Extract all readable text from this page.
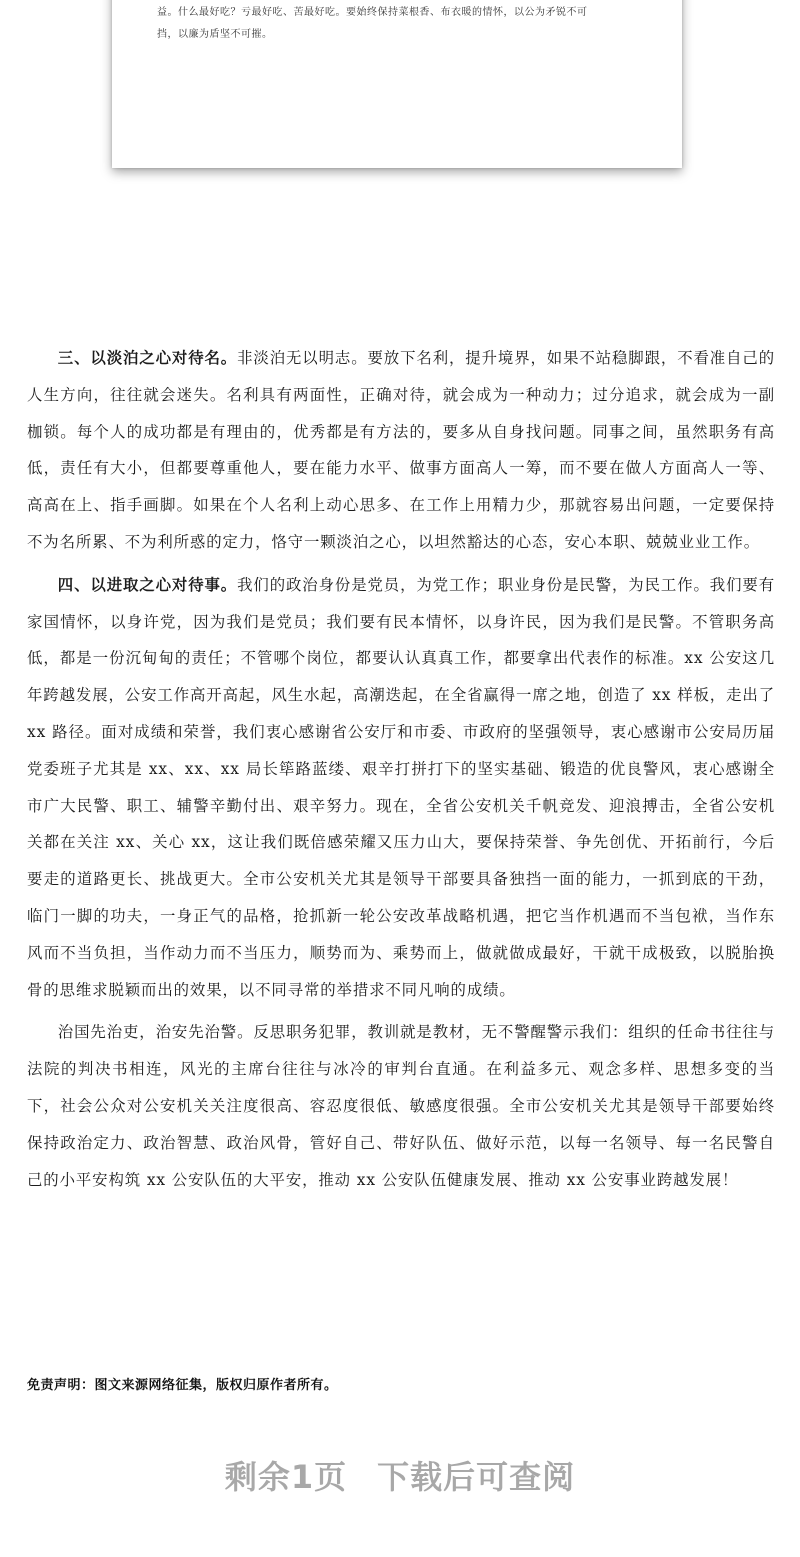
益。什么最好吃？亏最好吃、苦最好吃。要始终保持菜根香、布衣暖的情怀，以公为矛锐不可
挡，以廉为盾坚不可摧。

三、以淡泊之心对待名。非淡泊无以明志。要放下名利，提升境界，如果不站稳脚跟，不看准自己的人生方向，往往就会迷失。名利具有两面性，正确对待，就会成为一种动力；过分追求，就会成为一副枷锁。每个人的成功都是有理由的，优秀都是有方法的，要多从自身找问题。同事之间，虽然职务有高低，责任有大小，但都要尊重他人，要在能力水平、做事方面高人一筹，而不要在做人方面高人一等、高高在上、指手画脚。如果在个人名利上动心思多、在工作上用精力少，那就容易出问题，一定要保持不为名所累、不为利所惑的定力，恪守一颗淡泊之心，以坦然豁达的心态，安心本职、兢兢业业工作。

四、以进取之心对待事。我们的政治身份是党员，为党工作；职业身份是民警，为民工作。我们要有家国情怀，以身许党，因为我们是党员；我们要有民本情怀，以身许民，因为我们是民警。不管职务高低，都是一份沉甸甸的责任；不管哪个岗位，都要认认真真工作，都要拿出代表作的标准。xx 公安这几年跨越发展，公安工作高开高起，风生水起，高潮迭起，在全省赢得一席之地，创造了 xx 样板，走出了 xx 路径。面对成绩和荣誉，我们衷心感谢省公安厅和市委、市政府的坚强领导，衷心感谢市公安局历届党委班子尤其是 xx、xx、xx 局长筚路蓝缕、艰辛打拼打下的坚实基础、锻造的优良警风，衷心感谢全市广大民警、职工、辅警辛勤付出、艰辛努力。现在，全省公安机关千帆竞发、迎浪搏击，全省公安机关都在关注 xx、关心 xx，这让我们既倍感荣耀又压力山大，要保持荣誉、争先创优、开拓前行，今后要走的道路更长、挑战更大。全市公安机关尤其是领导干部要具备独挡一面的能力，一抓到底的干劲，临门一脚的功夫，一身正气的品格，抢抓新一轮公安改革战略机遇，把它当作机遇而不当包袱，当作东风而不当负担，当作动力而不当压力，顺势而为、乘势而上，做就做成最好，干就干成极致，以脱胎换骨的思维求脱颖而出的效果，以不同寻常的举措求不同凡响的成绩。

治国先治吏，治安先治警。反思职务犯罪，教训就是教材，无不警醒警示我们：组织的任命书往往与法院的判决书相连，风光的主席台往往与冰冷的审判台直通。在利益多元、观念多样、思想多变的当下，社会公众对公安机关关注度很高、容忍度很低、敏感度很强。全市公安机关尤其是领导干部要始终保持政治定力、政治智慧、政治风骨，管好自己、带好队伍、做好示范，以每一名领导、每一名民警自己的小平安构筑 xx 公安队伍的大平安，推动 xx 公安队伍健康发展、推动 xx 公安事业跨越发展！

免责声明：图文来源网络征集，版权归原作者所有。
剩余1页 下载后可查阅
